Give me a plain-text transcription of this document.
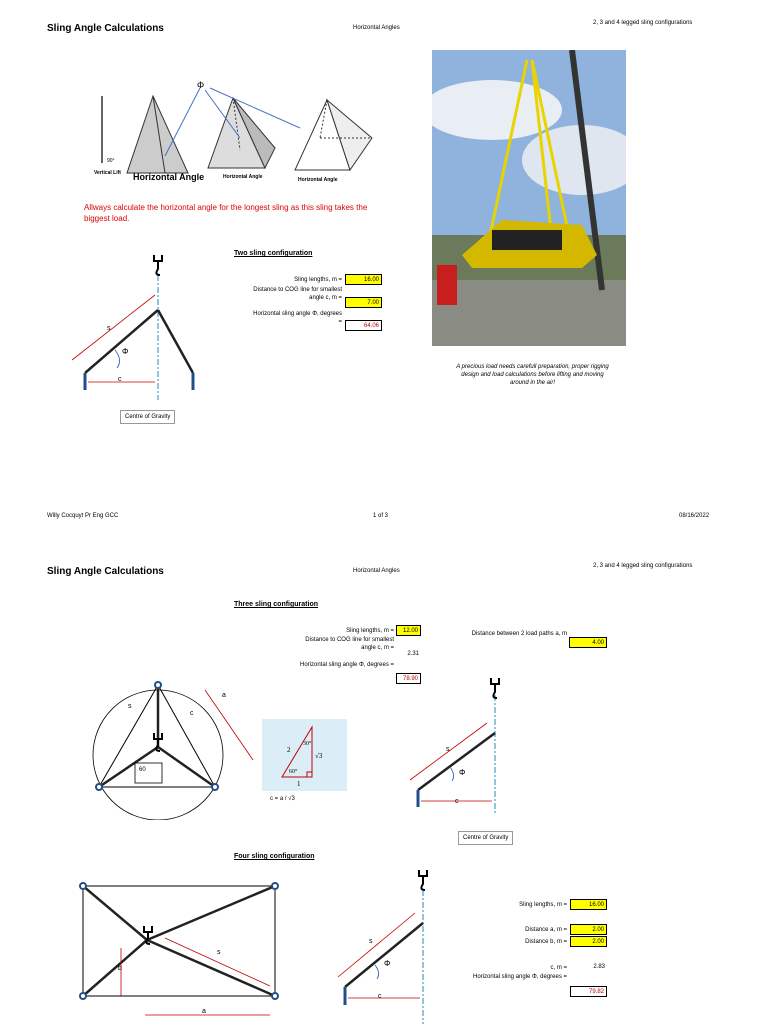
Sling Angle Calculations	Horizontal Angles
2, 3 and 4 legged sling configurations
Φ
90°
Vertical Lift Horizontal Angle	Horizontal Angle	Horizontal Angle
Allways calculate the horizontal angle for the longest sling as this sling takes the biggest load.
A precious load needs carefull preparation, proper rigging design and load calculations before lifting and moving around in the air!
Two sling configuration
Sling lengths, m =	16.00
Distance to COG line for smallest angle c, m =
7.00
Horizontal sling angle Φ, degrees =
64.06
s
Φ
c
Centre of Gravity
Willy Cocquyt Pr Eng GCC	1 of 3	08/16/2022
Sling Angle Calculations	Horizontal Angles
2, 3 and 4 legged sling configurations
Three sling configuration
Sling lengths, m =	12.00
Distance to COG line for smallest angle c, m =
2.31
Horizontal sling angle Φ, degrees =
78.90
Distance between 2 load paths a, m
4.00
s
c
a
60
2
30°
√3
60°
1
c = a / √3
s
Φ
c
Centre of Gravity
Four sling configuration
s
b
a
s
Φ
c
Sling lengths, m =	16.00
Distance a, m =	2.00
Distance b, m =	2.00
c, m =	2.83
Horizontal sling angle Φ, degrees =
79.82
